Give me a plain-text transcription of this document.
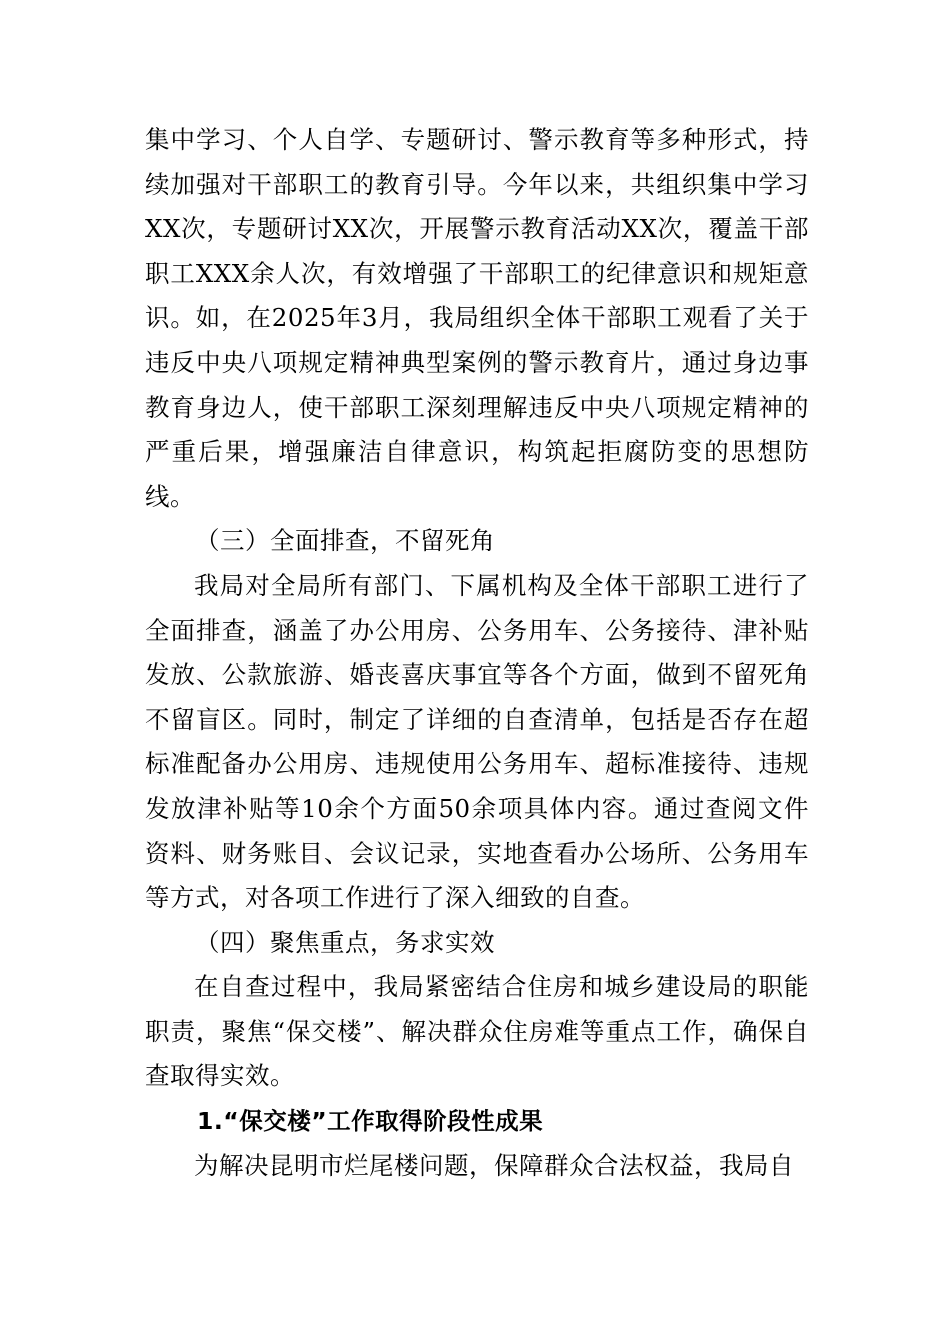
集中学习、个人自学、专题研讨、警示教育等多种形式，持续加强对干部职工的教育引导。今年以来，共组织集中学习XX次，专题研讨XX次，开展警示教育活动XX次，覆盖干部职工XXX余人次，有效增强了干部职工的纪律意识和规矩意识。如，在2025年3月，我局组织全体干部职工观看了关于违反中央八项规定精神典型案例的警示教育片，通过身边事教育身边人，使干部职工深刻理解违反中央八项规定精神的严重后果，增强廉洁自律意识，构筑起拒腐防变的思想防线。

（三）全面排查，不留死角

我局对全局所有部门、下属机构及全体干部职工进行了全面排查，涵盖了办公用房、公务用车、公务接待、津补贴发放、公款旅游、婚丧喜庆事宜等各个方面，做到不留死角不留盲区。同时，制定了详细的自查清单，包括是否存在超标准配备办公用房、违规使用公务用车、超标准接待、违规发放津补贴等10余个方面50余项具体内容。通过查阅文件资料、财务账目、会议记录，实地查看办公场所、公务用车等方式，对各项工作进行了深入细致的自查。

（四）聚焦重点，务求实效

在自查过程中，我局紧密结合住房和城乡建设局的职能职责，聚焦“保交楼”、解决群众住房难等重点工作，确保自查取得实效。

1.“保交楼”工作取得阶段性成果

为解决昆明市烂尾楼问题，保障群众合法权益，我局自
